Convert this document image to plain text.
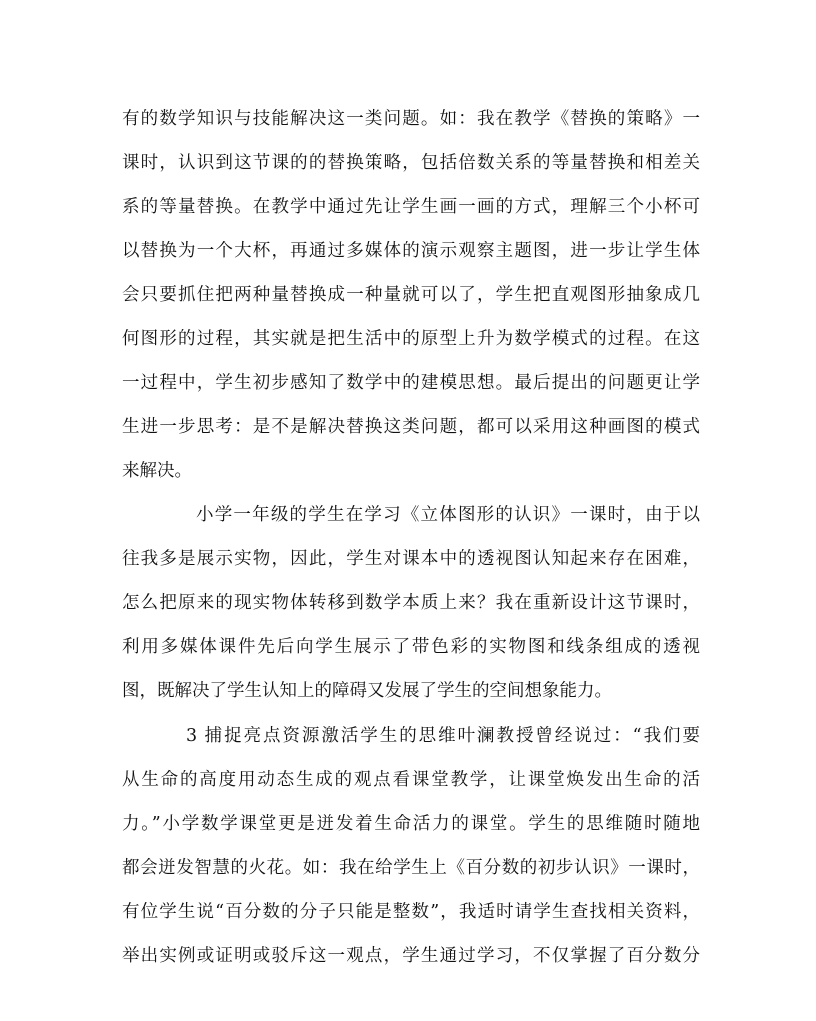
有的数学知识与技能解决这一类问题。如：我在教学《替换的策略》一
课时，认识到这节课的的替换策略，包括倍数关系的等量替换和相差关
系的等量替换。在教学中通过先让学生画一画的方式，理解三个小杯可
以替换为一个大杯，再通过多媒体的演示观察主题图，进一步让学生体
会只要抓住把两种量替换成一种量就可以了，学生把直观图形抽象成几
何图形的过程，其实就是把生活中的原型上升为数学模式的过程。在这
一过程中，学生初步感知了数学中的建模思想。最后提出的问题更让学
生进一步思考：是不是解决替换这类问题，都可以采用这种画图的模式
来解决。
小学一年级的学生在学习《立体图形的认识》一课时，由于以
往我多是展示实物，因此，学生对课本中的透视图认知起来存在困难，
怎么把原来的现实物体转移到数学本质上来？我在重新设计这节课时，
利用多媒体课件先后向学生展示了带色彩的实物图和线条组成的透视
图，既解决了学生认知上的障碍又发展了学生的空间想象能力。
3 捕捉亮点资源激活学生的思维叶澜教授曾经说过：“我们要
从生命的高度用动态生成的观点看课堂教学，让课堂焕发出生命的活
力。”小学数学课堂更是迸发着生命活力的课堂。学生的思维随时随地
都会迸发智慧的火花。如：我在给学生上《百分数的初步认识》一课时，
有位学生说“百分数的分子只能是整数”，我适时请学生查找相关资料，
举出实例或证明或驳斥这一观点，学生通过学习，不仅掌握了百分数分
